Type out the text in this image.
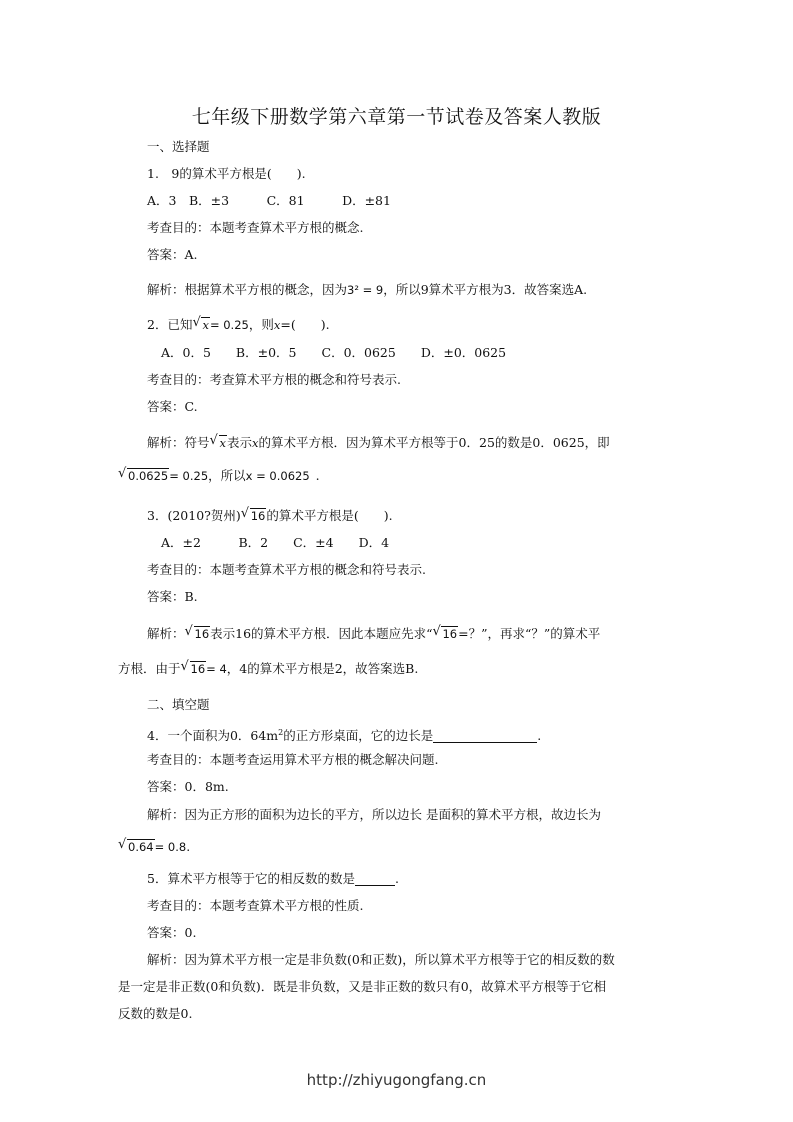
七年级下册数学第六章第一节试卷及答案人教版
一、选择题
1.　9的算术平方根是(　　).
A．3　B．±3　　　C．81　　　D．±81
考查目的：本题考查算术平方根的概念.
答案：A.
解析：根据算术平方根的概念，因为3² = 9，所以9算术平方根为3．故答案选A.
2．已知 √ x= 0.25，则x=(　　).
A．0．5　　B．±0．5　　C．0．0625　　D．±0．0625
考查目的：考查算术平方根的概念和符号表示.
答案：C.
解析：符号 √ x表示x的算术平方根．因为算术平方根等于0．25的数是0．0625，即
√ 0.0625= 0.25，所以x = 0.0625 .
3．(2010?贺州) √ 16的算术平方根是(　　).
A．±2　　　B．2　　C．±4　　D．4
考查目的：本题考查算术平方根的概念和符号表示.
答案：B.
解析： √ 16表示16的算术平方根．因此本题应先求“ √ 16=？”，再求“？”的算术平
方根．由于 √ 16= 4，4的算术平方根是2，故答案选B.
二、填空题
4．一个面积为0．$64m^2$的正方形桌面，它的边长是	.
考查目的：本题考查运用算术平方根的概念解决问题.
答案：0．8m.
解析：因为正方形的面积为边长的平方，所以边长 是面积的算术平方根，故边长为
√ 0.64= 0.8.
5．算术平方根等于它的相反数的数是	.
考查目的：本题考查算术平方根的性质.
答案：0.
解析：因为算术平方根一定是非负数(0和正数)，所以算术平方根等于它的相反数的数
是一定是非正数(0和负数)．既是非负数，又是非正数的数只有0，故算术平方根等于它相
反数的数是0.
http://zhiyugongfang.cn
